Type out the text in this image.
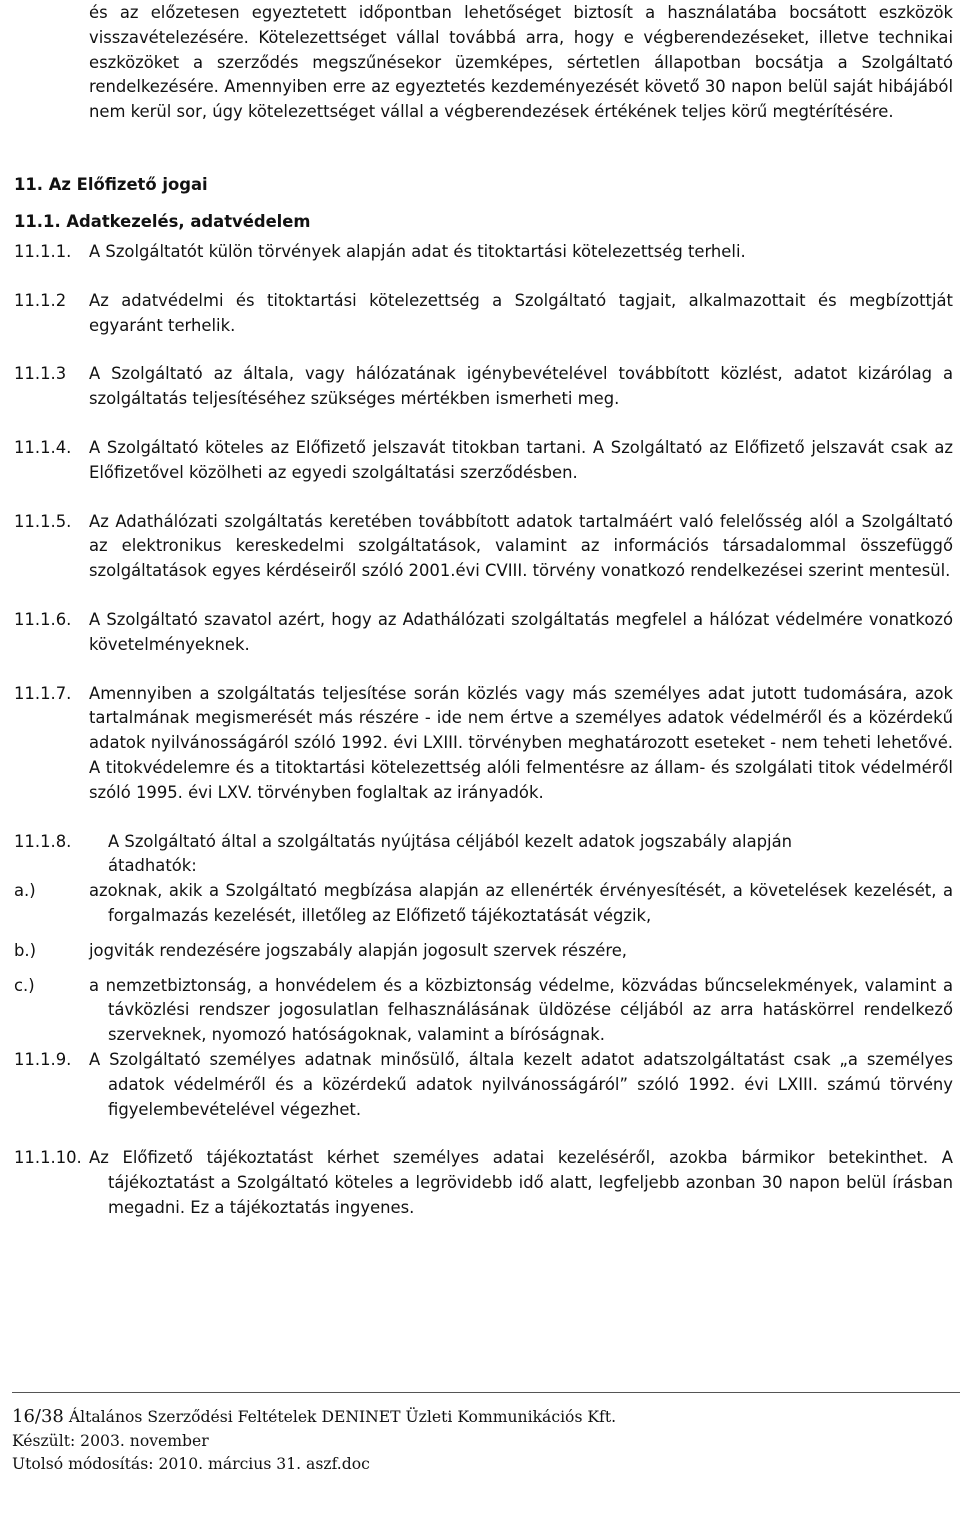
és az előzetesen egyeztetett időpontban lehetőséget biztosít a használatába bocsátott eszközök visszavételezésére. Kötelezettséget vállal továbbá arra, hogy e végberendezéseket, illetve technikai eszközöket a szerződés megszűnésekor üzemképes, sértetlen állapotban bocsátja a Szolgáltató rendelkezésére. Amennyiben erre az egyeztetés kezdeményezését követő 30 napon belül saját hibájából nem kerül sor, úgy kötelezettséget vállal a végberendezések értékének teljes körű megtérítésére.

11. Az Előfizető jogai

11.1. Adatkezelés, adatvédelem

11.1.1. A Szolgáltatót külön törvények alapján adat és titoktartási kötelezettség terheli.

11.1.2 Az adatvédelmi és titoktartási kötelezettség a Szolgáltató tagjait, alkalmazottait és megbízottját egyaránt terhelik.

11.1.3 A Szolgáltató az általa, vagy hálózatának igénybevételével továbbított közlést, adatot kizárólag a szolgáltatás teljesítéséhez szükséges mértékben ismerheti meg.

11.1.4. A Szolgáltató köteles az Előfizető jelszavát titokban tartani. A Szolgáltató az Előfizető jelszavát csak az Előfizetővel közölheti az egyedi szolgáltatási szerződésben.

11.1.5. Az Adathálózati szolgáltatás keretében továbbított adatok tartalmáért való felelősség alól a Szolgáltató az elektronikus kereskedelmi szolgáltatások, valamint az információs társadalommal összefüggő szolgáltatások egyes kérdéseiről szóló 2001.évi CVIII. törvény vonatkozó rendelkezései szerint mentesül.

11.1.6. A Szolgáltató szavatol azért, hogy az Adathálózati szolgáltatás megfelel a hálózat védelmére vonatkozó követelményeknek.

11.1.7. Amennyiben a szolgáltatás teljesítése során közlés vagy más személyes adat jutott tudomására, azok tartalmának megismerését más részére - ide nem értve a személyes adatok védelméről és a közérdekű adatok nyilvánosságáról szóló 1992. évi LXIII. törvényben meghatározott eseteket - nem teheti lehetővé. A titokvédelemre és a titoktartási kötelezettség alóli felmentésre az állam- és szolgálati titok védelméről szóló 1995. évi LXV. törvényben foglaltak az irányadók.

11.1.8. A Szolgáltató által a szolgáltatás nyújtása céljából kezelt adatok jogszabály alapján átadhatók:

a.)	azoknak, akik a Szolgáltató megbízása alapján az ellenérték érvényesítését, a követelések kezelését, a forgalmazás kezelését, illetőleg az Előfizető tájékoztatását végzik,

b.)	jogviták rendezésére jogszabály alapján jogosult szervek részére,

c.)	a nemzetbiztonság, a honvédelem és a közbiztonság védelme, közvádas bűncselekmények, valamint a távközlési rendszer jogosulatlan felhasználásának üldözése céljából az arra hatáskörrel rendelkező szerveknek, nyomozó hatóságoknak, valamint a bíróságnak.

11.1.9. A Szolgáltató személyes adatnak minősülő, általa kezelt adatot adatszolgáltatást csak „a személyes adatok védelméről és a közérdekű adatok nyilvánosságáról” szóló 1992. évi LXIII. számú törvény figyelembevételével végezhet.

11.1.10. Az Előfizető tájékoztatást kérhet személyes adatai kezeléséről, azokba bármikor betekinthet. A tájékoztatást a Szolgáltató köteles a legrövidebb idő alatt, legfeljebb azonban 30 napon belül írásban megadni. Ez a tájékoztatás ingyenes.

16/38 Általános Szerződési Feltételek DENINET Üzleti Kommunikációs Kft.

Készült: 2003. november

Utolsó módosítás: 2010. március 31. aszf.doc
